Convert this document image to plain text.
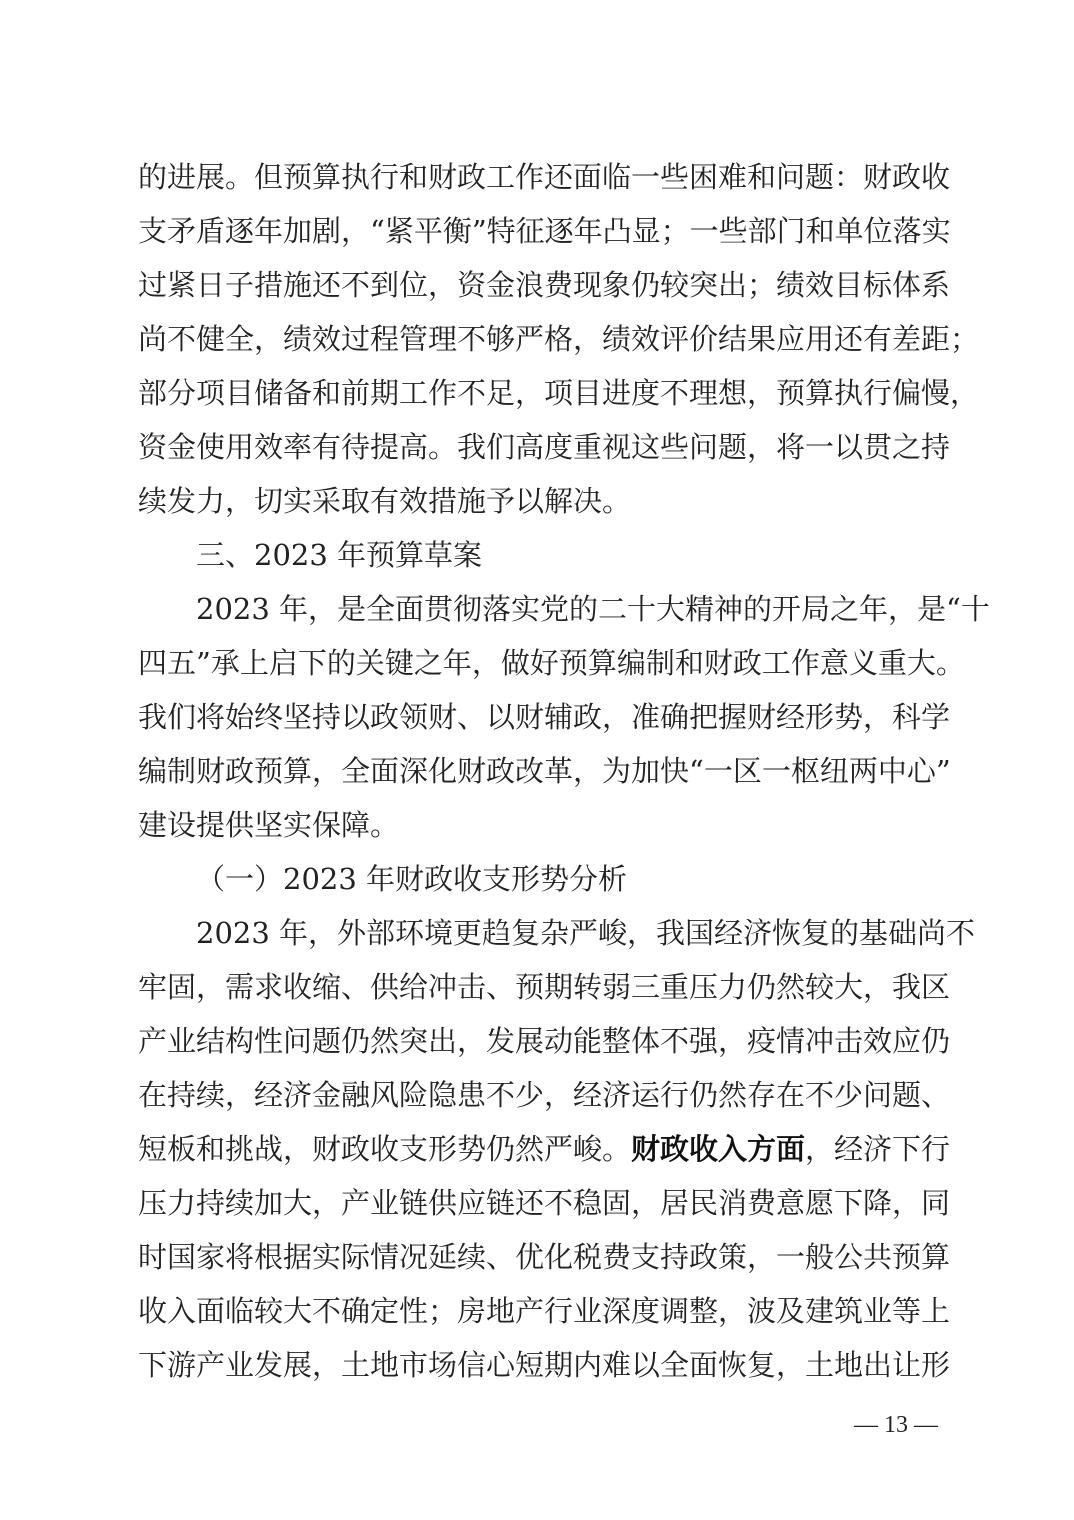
的进展。但预算执行和财政工作还面临一些困难和问题：财政收
支矛盾逐年加剧，“紧平衡”特征逐年凸显；一些部门和单位落实
过紧日子措施还不到位，资金浪费现象仍较突出；绩效目标体系
尚不健全，绩效过程管理不够严格，绩效评价结果应用还有差距；
部分项目储备和前期工作不足，项目进度不理想，预算执行偏慢，
资金使用效率有待提高。我们高度重视这些问题，将一以贯之持
续发力，切实采取有效措施予以解决。
三、2023 年预算草案
2023 年，是全面贯彻落实党的二十大精神的开局之年，是“十
四五”承上启下的关键之年，做好预算编制和财政工作意义重大。
我们将始终坚持以政领财、以财辅政，准确把握财经形势，科学
编制财政预算，全面深化财政改革，为加快“一区一枢纽两中心”
建设提供坚实保障。
（一）2023 年财政收支形势分析
2023 年，外部环境更趋复杂严峻，我国经济恢复的基础尚不
牢固，需求收缩、供给冲击、预期转弱三重压力仍然较大，我区
产业结构性问题仍然突出，发展动能整体不强，疫情冲击效应仍
在持续，经济金融风险隐患不少，经济运行仍然存在不少问题、
短板和挑战，财政收支形势仍然严峻。财政收入方面，经济下行
压力持续加大，产业链供应链还不稳固，居民消费意愿下降，同
时国家将根据实际情况延续、优化税费支持政策，一般公共预算
收入面临较大不确定性；房地产行业深度调整，波及建筑业等上
下游产业发展，土地市场信心短期内难以全面恢复，土地出让形
— 13 —
